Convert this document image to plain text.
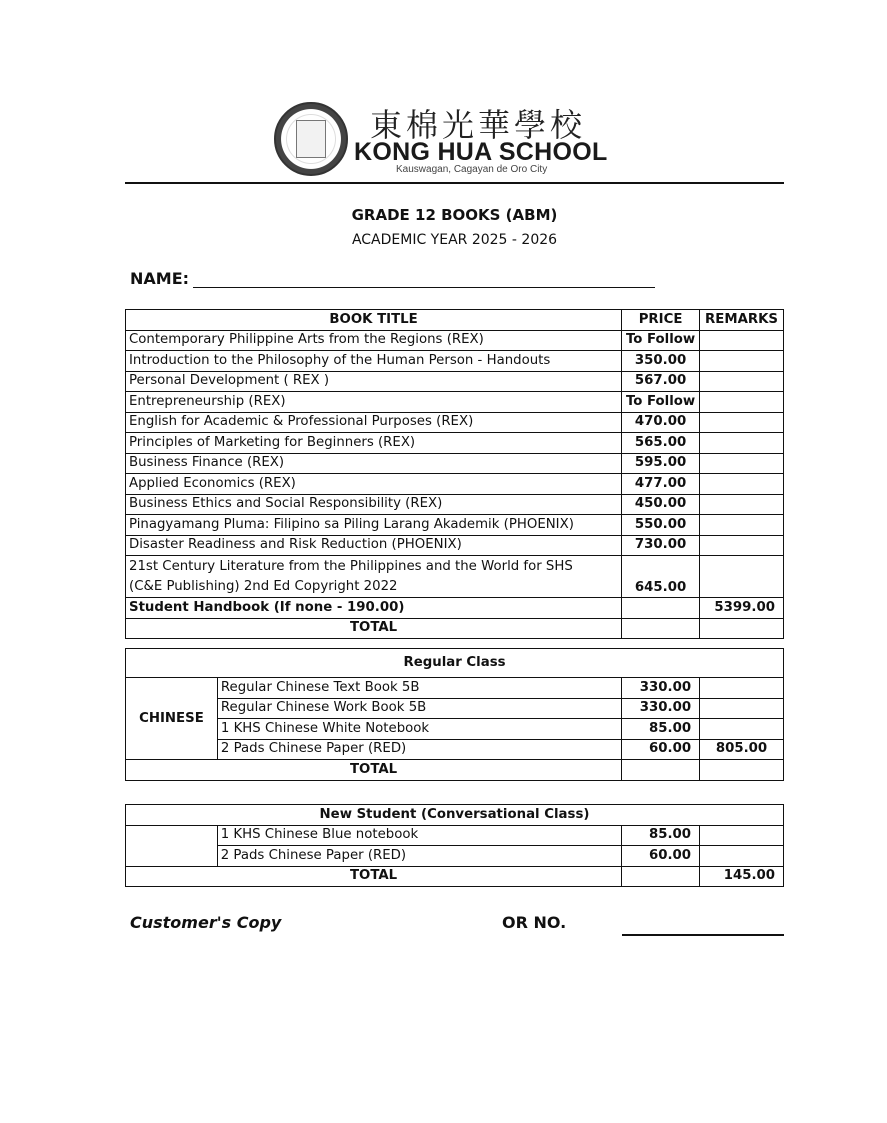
東棉光華學校
KONG HUA SCHOOL
Kauswagan, Cagayan de Oro City
GRADE 12 BOOKS (ABM)
ACADEMIC YEAR 2025 - 2026
NAME:
BOOK TITLE	PRICE	REMARKS
Contemporary Philippine Arts from the Regions (REX)	To Follow	
Introduction to the Philosophy of the Human Person - Handouts	350.00	
Personal Development ( REX )	567.00	
Entrepreneurship (REX)	To Follow	
English for Academic & Professional Purposes (REX)	470.00	
Principles of Marketing for Beginners (REX)	565.00	
Business Finance (REX)	595.00	
Applied Economics (REX)	477.00	
Business Ethics and Social Responsibility (REX)	450.00	
Pinagyamang Pluma: Filipino sa Piling Larang Akademik (PHOENIX)	550.00	
Disaster Readiness and Risk Reduction (PHOENIX)	730.00	

21st Century Literature from the Philippines and the World for SHS
(C&E Publishing) 2nd Ed Copyright 2022	645.00	
Student Handbook (If none - 190.00)		5399.00
TOTAL		
Regular Class			
CHINESE	Regular Chinese Text Book 5B	330.00	
	Regular Chinese Work Book 5B	330.00	
	1 KHS Chinese White Notebook	85.00	
	2 Pads Chinese Paper (RED)	60.00	805.00
TOTAL			
New Student (Conversational Class)			
	1 KHS Chinese Blue notebook	85.00	
	2 Pads Chinese Paper (RED)	60.00	
TOTAL			145.00
Customer's Copy	OR NO.
